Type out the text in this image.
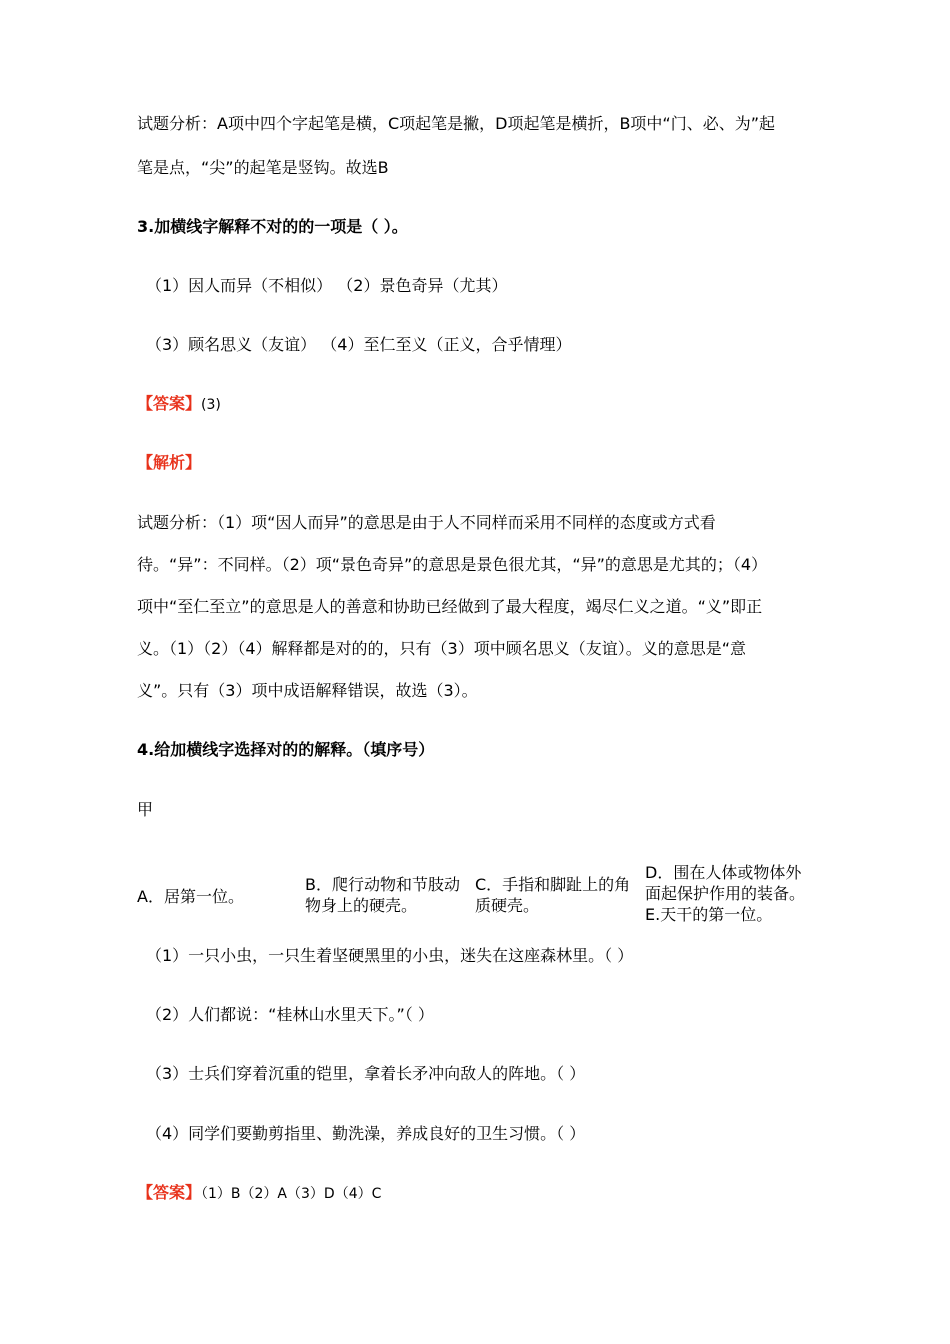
试题分析：A项中四个字起笔是横，C项起笔是撇，D项起笔是横折，B项中“门、必、为”起
笔是点，“尖”的起笔是竖钩。故选B
3.加横线字解释不对的的一项是（ ）。
（1）因人而异（不相似） （2）景色奇异（尤其）
（3）顾名思义（友谊） （4）至仁至义（正义，合乎情理）
【答案】(3)
【解析】
试题分析：（1）项“因人而异”的意思是由于人不同样而采用不同样的态度或方式看
待。“异”：不同样。（2）项“景色奇异”的意思是景色很尤其，“异”的意思是尤其的；（4）
项中“至仁至立”的意思是人的善意和协助已经做到了最大程度，竭尽仁义之道。“义”即正
义。（1）（2）（4）解释都是对的的，只有（3）项中顾名思义（友谊）。义的意思是“意
义”。只有（3）项中成语解释错误，故选（3）。
4.给加横线字选择对的的解释。（填序号）
甲
A．居第一位。
B．爬行动物和节肢动物身上的硬壳。
C．手指和脚趾上的角质硬壳。
D．围在人体或物体外面起保护作用的装备。E.天干的第一位。
（1）一只小虫，一只生着坚硬黑里的小虫，迷失在这座森林里。（ ）
（2）人们都说：“桂林山水里天下。”（ ）
（3）士兵们穿着沉重的铠里，拿着长矛冲向敌人的阵地。（ ）
（4）同学们要勤剪指里、勤洗澡，养成良好的卫生习惯。（ ）
【答案】（1）B（2）A（3）D（4）C
